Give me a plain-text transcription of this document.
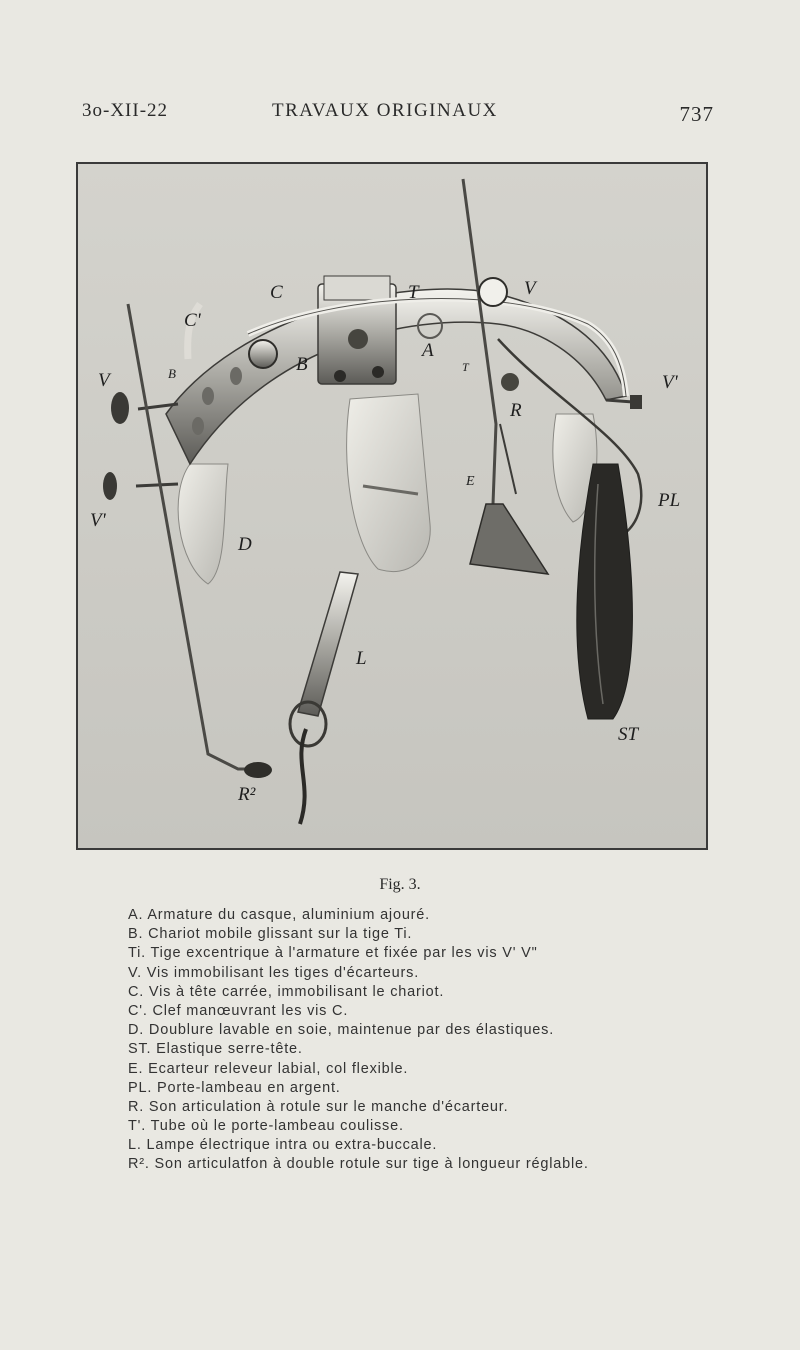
3o-XII-22	TRAVAUX ORIGINAUX	737
C
C'
T	V
B	B
A
T
V
R
V'
V'
E
PL
D
L
ST
R²
Fig. 3.
A. Armature du casque, aluminium ajouré.
B. Chariot mobile glissant sur la tige Ti.
Ti. Tige excentrique à l'armature et fixée par les vis V' V"
V. Vis immobilisant les tiges d'écarteurs.
C. Vis à tête carrée, immobilisant le chariot.
C'. Clef manœuvrant les vis C.
D. Doublure lavable en soie, maintenue par des élastiques.
ST. Elastique serre-tête.
E. Ecarteur releveur labial, col flexible.
PL. Porte-lambeau en argent.
R. Son articulation à rotule sur le manche d'écarteur.
T'. Tube où le porte-lambeau coulisse.
L. Lampe électrique intra ou extra-buccale.
R². Son articulatfon à double rotule sur tige à longueur réglable.
